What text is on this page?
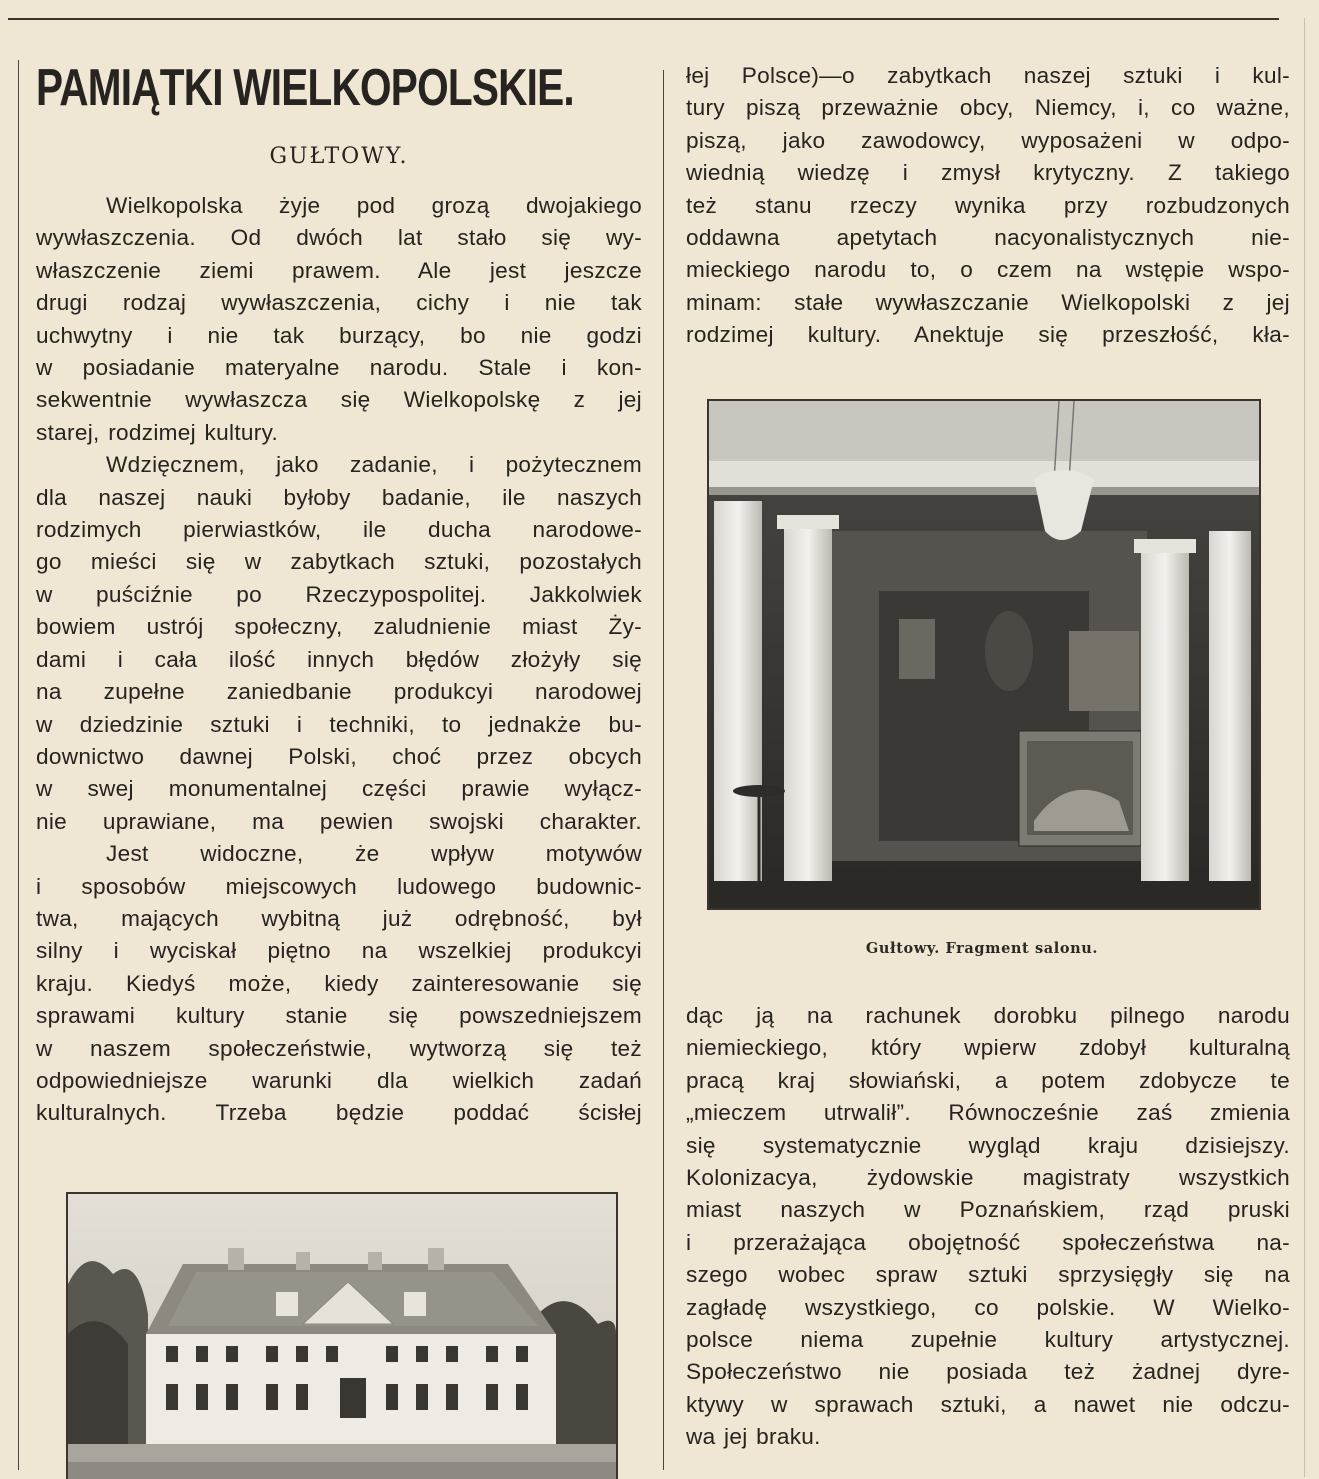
PAMIĄTKI WIELKOPOLSKIE.
GUŁTOWY.

Wielkopolska żyje pod grozą dwojakiego

wywłaszczenia. Od dwóch lat stało się wy-

właszczenie ziemi prawem. Ale jest jeszcze

drugi rodzaj wywłaszczenia, cichy i nie tak

uchwytny i nie tak burzący, bo nie godzi

w posiadanie materyalne narodu. Stale i kon-

sekwentnie wywłaszcza się Wielkopolskę z jej

starej, rodzimej kultury.

Wdzięcznem, jako zadanie, i pożytecznem

dla naszej nauki byłoby badanie, ile naszych

rodzimych pierwiastków, ile ducha narodowe-

go mieści się w zabytkach sztuki, pozostałych

w puściźnie po Rzeczypospolitej. Jakkolwiek

bowiem ustrój społeczny, zaludnienie miast Ży-

dami i cała ilość innych błędów złożyły się

na zupełne zaniedbanie produkcyi narodowej

w dziedzinie sztuki i techniki, to jednakże bu-

downictwo dawnej Polski, choć przez obcych

w swej monumentalnej części prawie wyłącz-

nie uprawiane, ma pewien swojski charakter.

Jest widoczne, że wpływ motywów

i sposobów miejscowych ludowego budownic-

twa, mających wybitną już odrębność, był

silny i wyciskał piętno na wszelkiej produkcyi

kraju. Kiedyś może, kiedy zainteresowanie się

sprawami kultury stanie się powszedniejszem

w naszem społeczeństwie, wytworzą się też

odpowiedniejsze warunki dla wielkich zadań

kulturalnych. Trzeba będzie poddać ścisłej

łej Polsce)—o zabytkach naszej sztuki i kul-

tury piszą przeważnie obcy, Niemcy, i, co ważne,

piszą, jako zawodowcy, wyposażeni w odpo-

wiednią wiedzę i zmysł krytyczny. Z takiego

też stanu rzeczy wynika przy rozbudzonych

oddawna apetytach nacyonalistycznych nie-

mieckiego narodu to, o czem na wstępie wspo-

minam: stałe wywłaszczanie Wielkopolski z jej

rodzimej kultury. Anektuje się przeszłość, kła-

Gułtowy. Fragment salonu.

dąc ją na rachunek dorobku pilnego narodu

niemieckiego, który wpierw zdobył kulturalną

pracą kraj słowiański, a potem zdobycze te

„mieczem utrwalił”. Równocześnie zaś zmienia

się systematycznie wygląd kraju dzisiejszy.

Kolonizacya, żydowskie magistraty wszystkich

miast naszych w Poznańskiem, rząd pruski

i przerażająca obojętność społeczeństwa na-

szego wobec spraw sztuki sprzysięgły się na

zagładę wszystkiego, co polskie. W Wielko-

polsce niema zupełnie kultury artystycznej.

Społeczeństwo nie posiada też żadnej dyre-

ktywy w sprawach sztuki, a nawet nie odczu-

wa jej braku.
